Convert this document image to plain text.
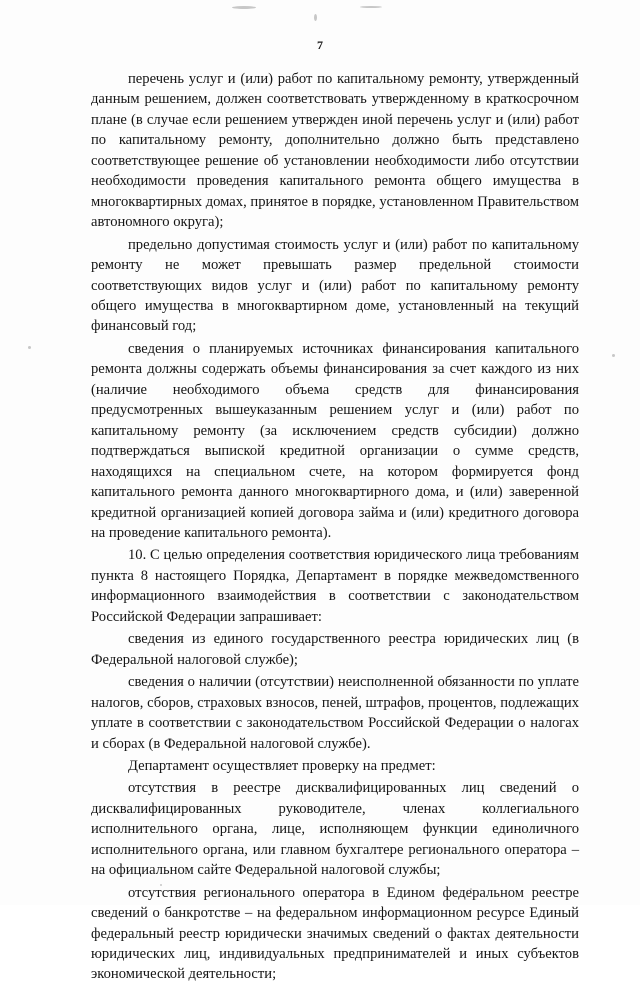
7

перечень услуг и (или) работ по капитальному ремонту, утвержденный данным решением, должен соответствовать утвержденному в краткосрочном плане (в случае если решением утвержден иной перечень услуг и (или) работ по капитальному ремонту, дополнительно должно быть представлено соответствующее решение об установлении необходимости либо отсутствии необходимости проведения капитального ремонта общего имущества в многоквартирных домах, принятое в порядке, установленном Правительством автономного округа);

предельно допустимая стоимость услуг и (или) работ по капитальному ремонту не может превышать размер предельной стоимости соответствующих видов услуг и (или) работ по капитальному ремонту общего имущества в многоквартирном доме, установленный на текущий финансовый год;

сведения о планируемых источниках финансирования капитального ремонта должны содержать объемы финансирования за счет каждого из них (наличие необходимого объема средств для финансирования предусмотренных вышеуказанным решением услуг и (или) работ по капитальному ремонту (за исключением средств субсидии) должно подтверждаться выпиской кредитной организации о сумме средств, находящихся на специальном счете, на котором формируется фонд капитального ремонта данного многоквартирного дома, и (или) заверенной кредитной организацией копией договора займа и (или) кредитного договора на проведение капитального ремонта).

10. С целью определения соответствия юридического лица требованиям пункта 8 настоящего Порядка, Департамент в порядке межведомственного информационного взаимодействия в соответствии с законодательством Российской Федерации запрашивает:

сведения из единого государственного реестра юридических лиц (в Федеральной налоговой службе);

сведения о наличии (отсутствии) неисполненной обязанности по уплате налогов, сборов, страховых взносов, пеней, штрафов, процентов, подлежащих уплате в соответствии с законодательством Российской Федерации о налогах и сборах (в Федеральной налоговой службе).

Департамент осуществляет проверку на предмет:

отсутствия в реестре дисквалифицированных лиц сведений о дисквалифицированных руководителе, членах коллегиального исполнительного органа, лице, исполняющем функции единоличного исполнительного органа, или главном бухгалтере регионального оператора – на официальном сайте Федеральной налоговой службы;

отсутствия регионального оператора в Едином федеральном реестре сведений о банкротстве – на федеральном информационном ресурсе Единый федеральный реестр юридически значимых сведений о фактах деятельности юридических лиц, индивидуальных предпринимателей и иных субъектов экономической деятельности;
